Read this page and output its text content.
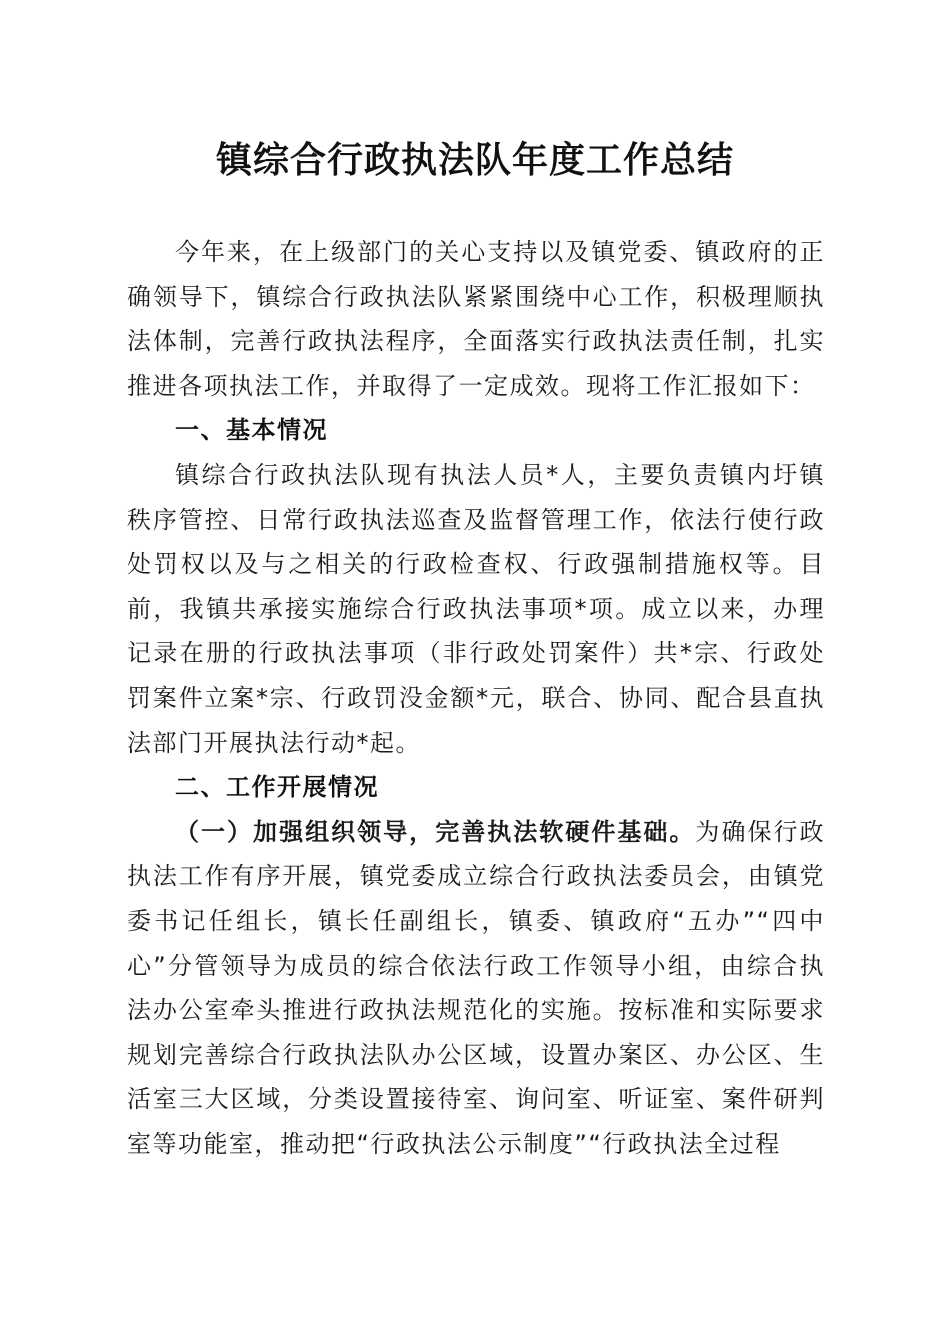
镇综合行政执法队年度工作总结

今年来，在上级部门的关心支持以及镇党委、镇政府的正确领导下，镇综合行政执法队紧紧围绕中心工作，积极理顺执法体制，完善行政执法程序，全面落实行政执法责任制，扎实推进各项执法工作，并取得了一定成效。现将工作汇报如下：

一、基本情况

镇综合行政执法队现有执法人员*人，主要负责镇内圩镇秩序管控、日常行政执法巡查及监督管理工作，依法行使行政处罚权以及与之相关的行政检查权、行政强制措施权等。目前，我镇共承接实施综合行政执法事项*项。成立以来，办理记录在册的行政执法事项（非行政处罚案件）共*宗、行政处罚案件立案*宗、行政罚没金额*元，联合、协同、配合县直执法部门开展执法行动*起。

二、工作开展情况

（一）加强组织领导，完善执法软硬件基础。为确保行政执法工作有序开展，镇党委成立综合行政执法委员会，由镇党委书记任组长，镇长任副组长，镇委、镇政府“五办”“四中心”分管领导为成员的综合依法行政工作领导小组，由综合执法办公室牵头推进行政执法规范化的实施。按标准和实际要求规划完善综合行政执法队办公区域，设置办案区、办公区、生活室三大区域，分类设置接待室、询问室、听证室、案件研判室等功能室，推动把“行政执法公示制度”“行政执法全过程
